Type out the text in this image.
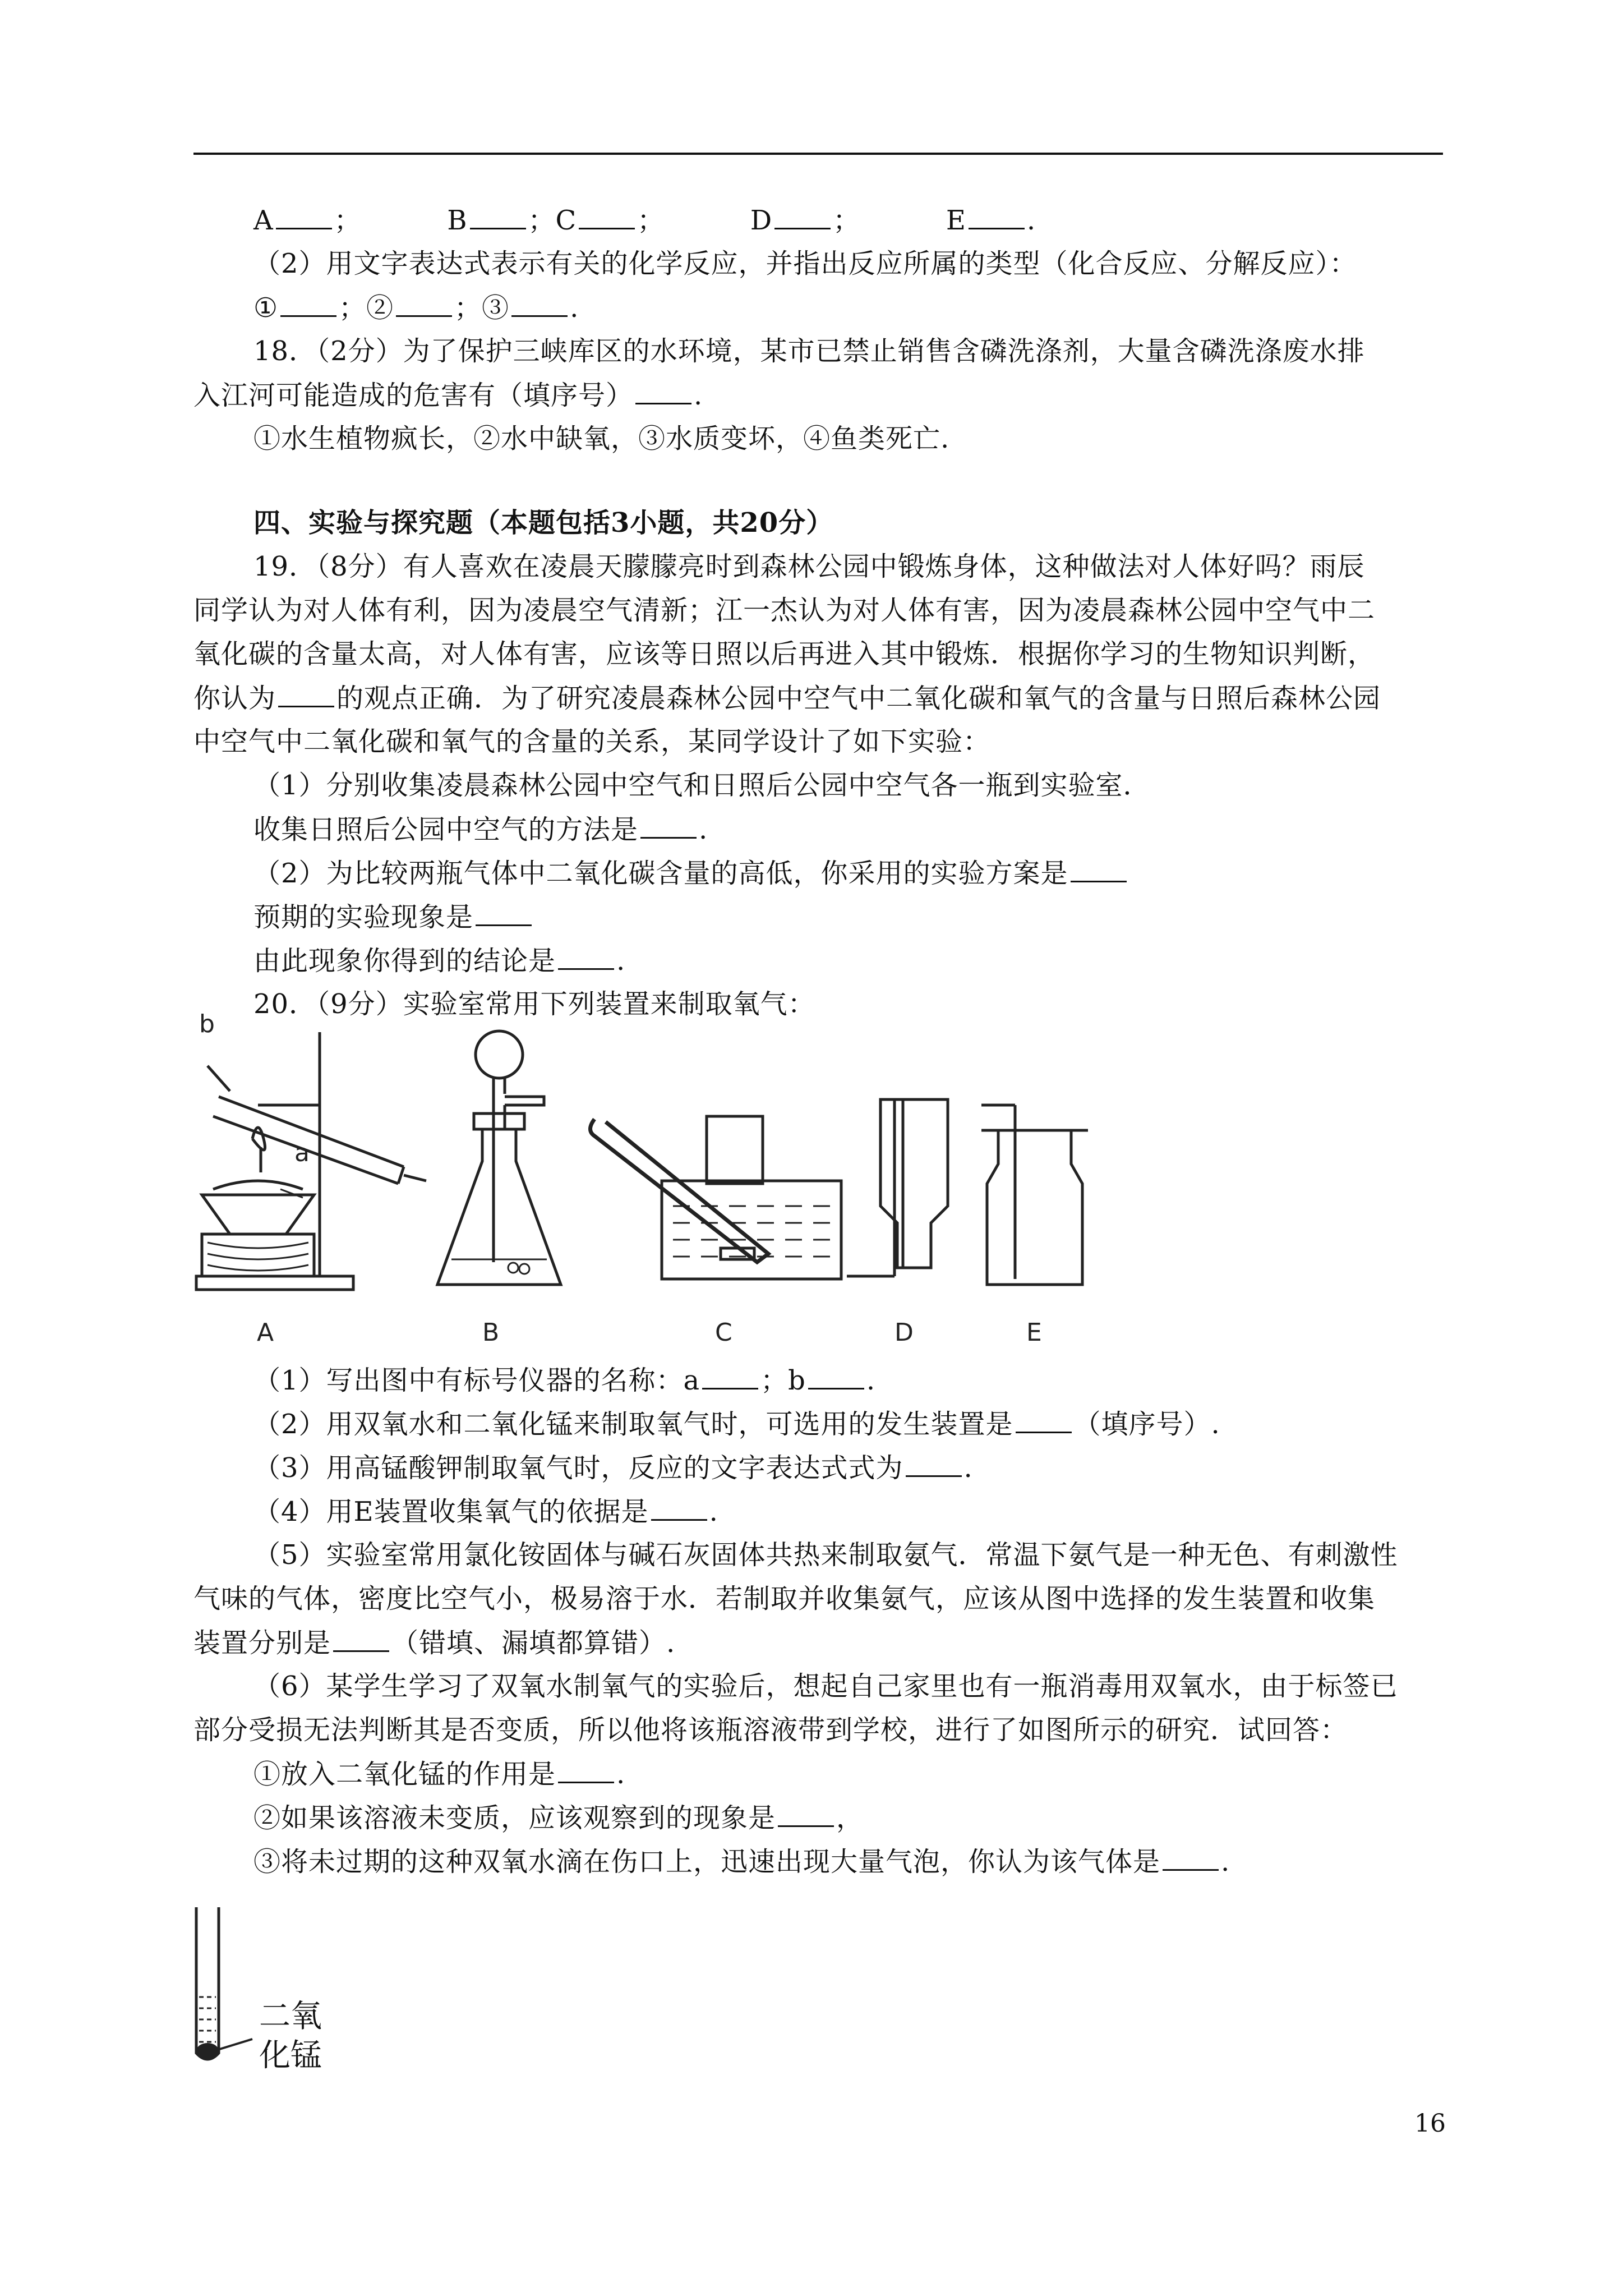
A ；	B ；C ；	D ；	E .
（2）用文字表达式表示有关的化学反应，并指出反应所属的类型（化合反应、分解反应）：
① ；② ；③ .
18．（2分）为了保护三峡库区的水环境，某市已禁止销售含磷洗涤剂，大量含磷洗涤废水排
入江河可能造成的危害有（填序号） .
①水生植物疯长，②水中缺氧，③水质变坏，④鱼类死亡.
四、实验与探究题（本题包括3小题，共20分）
19．（8分）有人喜欢在凌晨天朦朦亮时到森林公园中锻炼身体，这种做法对人体好吗？雨辰
同学认为对人体有利，因为凌晨空气清新；江一杰认为对人体有害，因为凌晨森林公园中空气中二
氧化碳的含量太高，对人体有害，应该等日照以后再进入其中锻炼．根据你学习的生物知识判断，
你认为 的观点正确．为了研究凌晨森林公园中空气中二氧化碳和氧气的含量与日照后森林公园
中空气中二氧化碳和氧气的含量的关系，某同学设计了如下实验：
（1）分别收集凌晨森林公园中空气和日照后公园中空气各一瓶到实验室．
收集日照后公园中空气的方法是 .
（2）为比较两瓶气体中二氧化碳含量的高低，你采用的实验方案是
预期的实验现象是
由此现象你得到的结论是 .
20．（9分）实验室常用下列装置来制取氧气：
b
a
A	B	C	D	E
（1）写出图中有标号仪器的名称：a ；b .
（2）用双氧水和二氧化锰来制取氧气时，可选用的发生装置是 （填序号）.
（3）用高锰酸钾制取氧气时，反应的文字表达式式为 .
（4）用E装置收集氧气的依据是 .
（5）实验室常用氯化铵固体与碱石灰固体共热来制取氨气．常温下氨气是一种无色、有刺激性
气味的气体，密度比空气小，极易溶于水．若制取并收集氨气，应该从图中选择的发生装置和收集
装置分别是 （错填、漏填都算错）.
（6）某学生学习了双氧水制氧气的实验后，想起自己家里也有一瓶消毒用双氧水，由于标签已
部分受损无法判断其是否变质，所以他将该瓶溶液带到学校，进行了如图所示的研究．试回答：
①放入二氧化锰的作用是 .
②如果该溶液未变质，应该观察到的现象是 ，
③将未过期的这种双氧水滴在伤口上，迅速出现大量气泡，你认为该气体是 .
二氧
化锰
16
